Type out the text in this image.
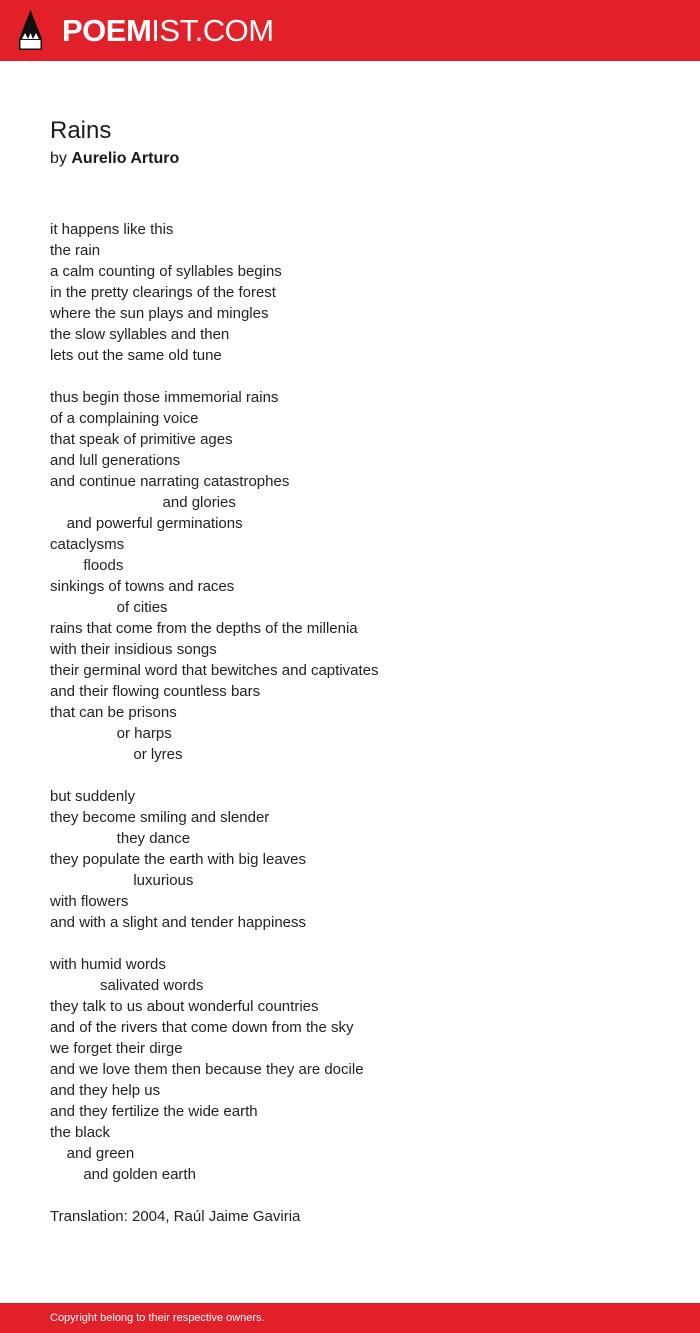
POEMIST.COM
Rains
by Aurelio Arturo
it happens like this
the rain
a calm counting of syllables begins
in the pretty clearings of the forest
where the sun plays and mingles
the slow syllables and then
lets out the same old tune
thus begin those immemorial rains
of a complaining voice
that speak of primitive ages
and lull generations
and continue narrating catastrophes
and glories
and powerful germinations
cataclysms
floods
sinkings of towns and races
of cities
rains that come from the depths of the millenia
with their insidious songs
their germinal word that bewitches and captivates
and their flowing countless bars
that can be prisons
or harps
or lyres
but suddenly
they become smiling and slender
they dance
they populate the earth with big leaves
luxurious
with flowers
and with a slight and tender happiness
with humid words
salivated words
they talk to us about wonderful countries
and of the rivers that come down from the sky
we forget their dirge
and we love them then because they are docile
and they help us
and they fertilize the wide earth
the black
and green
and golden earth
Translation: 2004, Raúl Jaime Gaviria
Copyright belong to their respective owners.
